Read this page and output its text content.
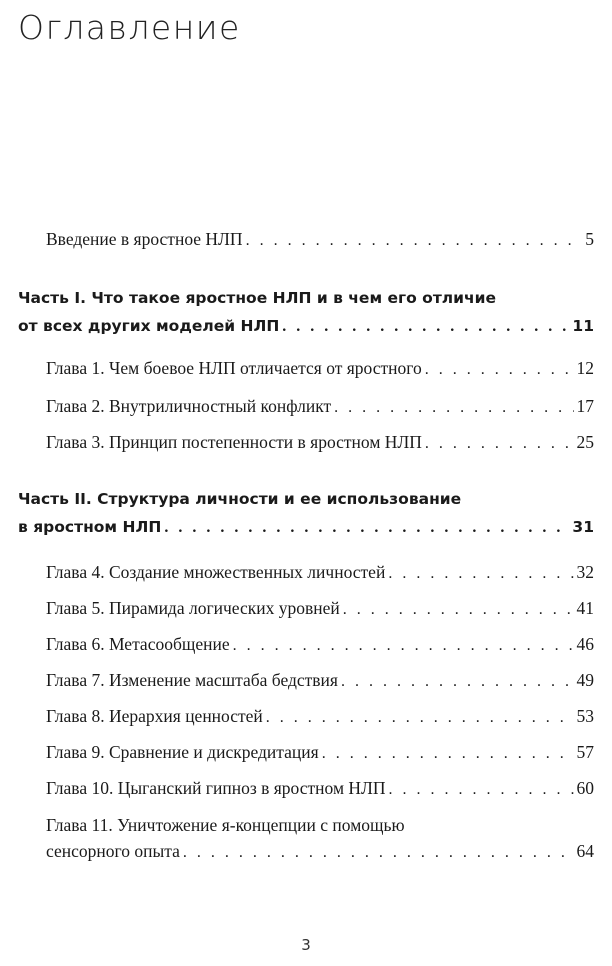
Оглавление
Введение в яростное НЛП . . .	5
Часть I. Что такое яростное НЛП и в чем его отличие
от всех других моделей НЛП . . .	11
Глава 1. Чем боевое НЛП отличается от яростного . . .	12
Глава 2. Внутриличностный конфликт . . .	17
Глава 3. Принцип постепенности в яростном НЛП . . .	25
Часть II. Структура личности и ее использование
в яростном НЛП . . .	31
Глава 4. Создание множественных личностей . . .	32
Глава 5. Пирамида логических уровней . . .	41
Глава 6. Метасообщение . . .	46
Глава 7. Изменение масштаба бедствия . . .	49
Глава 8. Иерархия ценностей . . .	53
Глава 9. Сравнение и дискредитация . . .	57
Глава 10. Цыганский гипноз в яростном НЛП . . .	60
Глава 11. Уничтожение я-концепции с помощью
сенсорного опыта . . .	64
3
